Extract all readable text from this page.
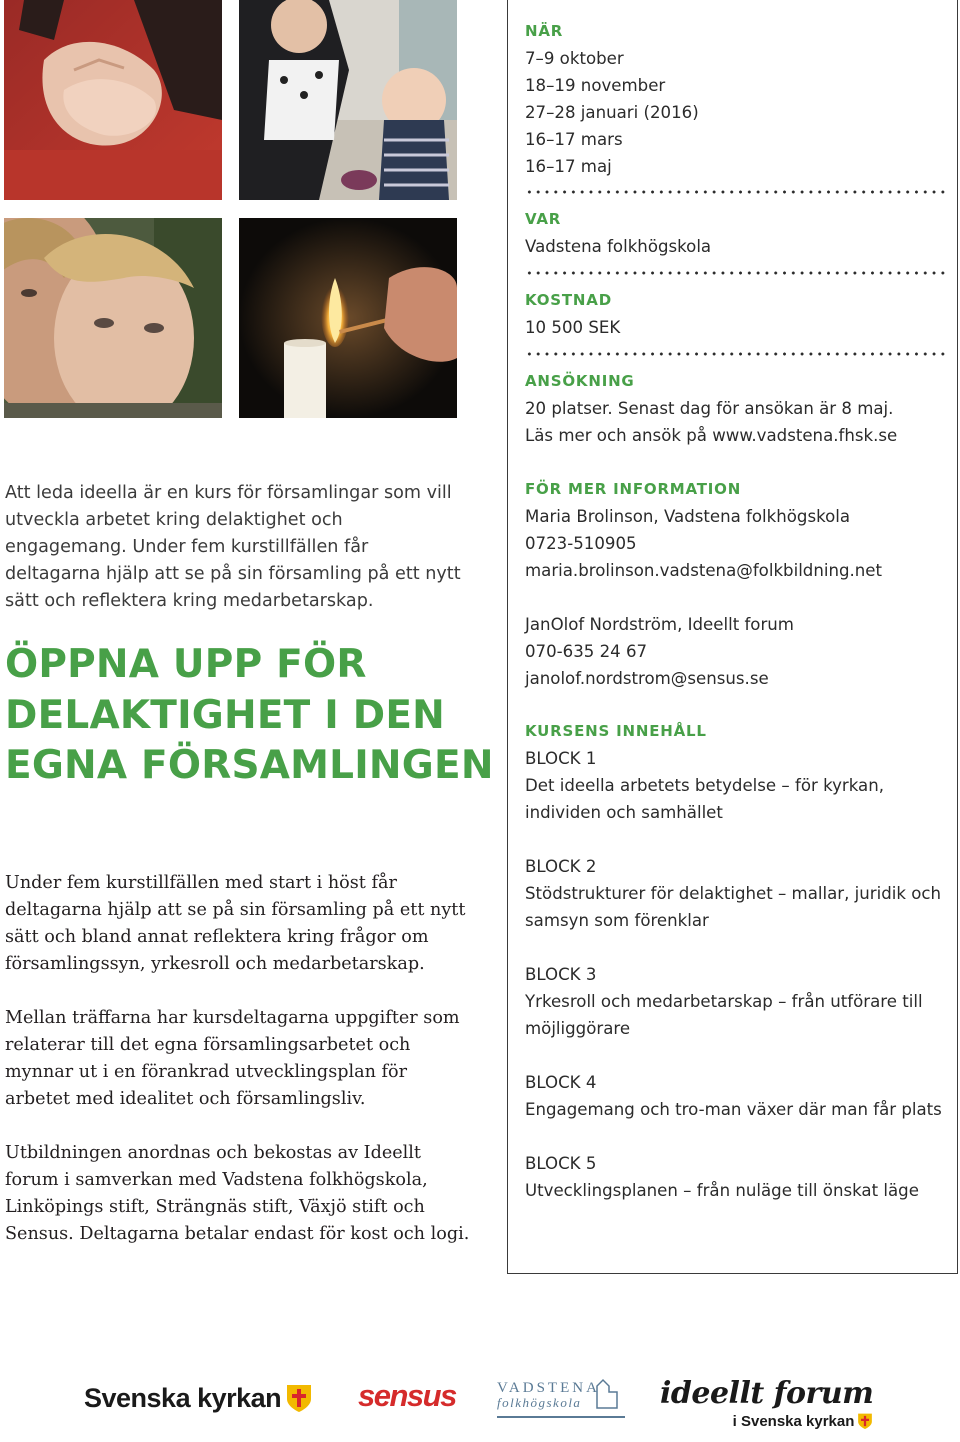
Att leda ideella är en kurs för församlingar som vill utveckla arbetet kring delaktighet och engagemang. Under fem kurstillfällen får deltagarna hjälp att se på sin församling på ett nytt sätt och reflektera kring medarbetarskap.

ÖPPNA UPP FÖR
DELAKTIGHET I DEN
EGNA FÖRSAMLINGEN

Under fem kurstillfällen med start i höst får deltagarna hjälp att se på sin församling på ett nytt sätt och bland annat reflektera kring frågor om församlingssyn, yrkesroll och medarbetarskap.

Mellan träffarna har kursdeltagarna uppgifter som relaterar till det egna församlingsarbetet och mynnar ut i en förankrad utvecklingsplan för arbetet med idealitet och församlingsliv.

Utbildningen anordnas och bekostas av Ideellt forum i samverkan med Vadstena folkhögskola, Linköpings stift, Strängnäs stift, Växjö stift och Sensus. Deltagarna betalar endast för kost och logi.

NÄR
7–9 oktober
18–19 november
27–28 januari (2016)
16–17 mars
16–17 maj
VAR
Vadstena folkhögskola
KOSTNAD
10 500 SEK
ANSÖKNING
20 platser. Senast dag för ansökan är 8 maj.
Läs mer och ansök på www.vadstena.fhsk.se
FÖR MER INFORMATION
Maria Brolinson, Vadstena folkhögskola
0723-510905
maria.brolinson.vadstena@folkbildning.net
JanOlof Nordström, Ideellt forum
070-635 24 67
janolof.nordstrom@sensus.se
KURSENS INNEHÅLL
BLOCK 1
Det ideella arbetets betydelse – för kyrkan,
individen och samhället
BLOCK 2
Stödstrukturer för delaktighet – mallar, juridik och
samsyn som förenklar
BLOCK 3
Yrkesroll och medarbetarskap – från utförare till
möjliggörare
BLOCK 4
Engagemang och tro-man växer där man får plats
BLOCK 5
Utvecklingsplanen – från nuläge till önskat läge
Svenska kyrkan sensus	VADSTENA
folkhögskola	ideellt forum
i Svenska kyrkan
